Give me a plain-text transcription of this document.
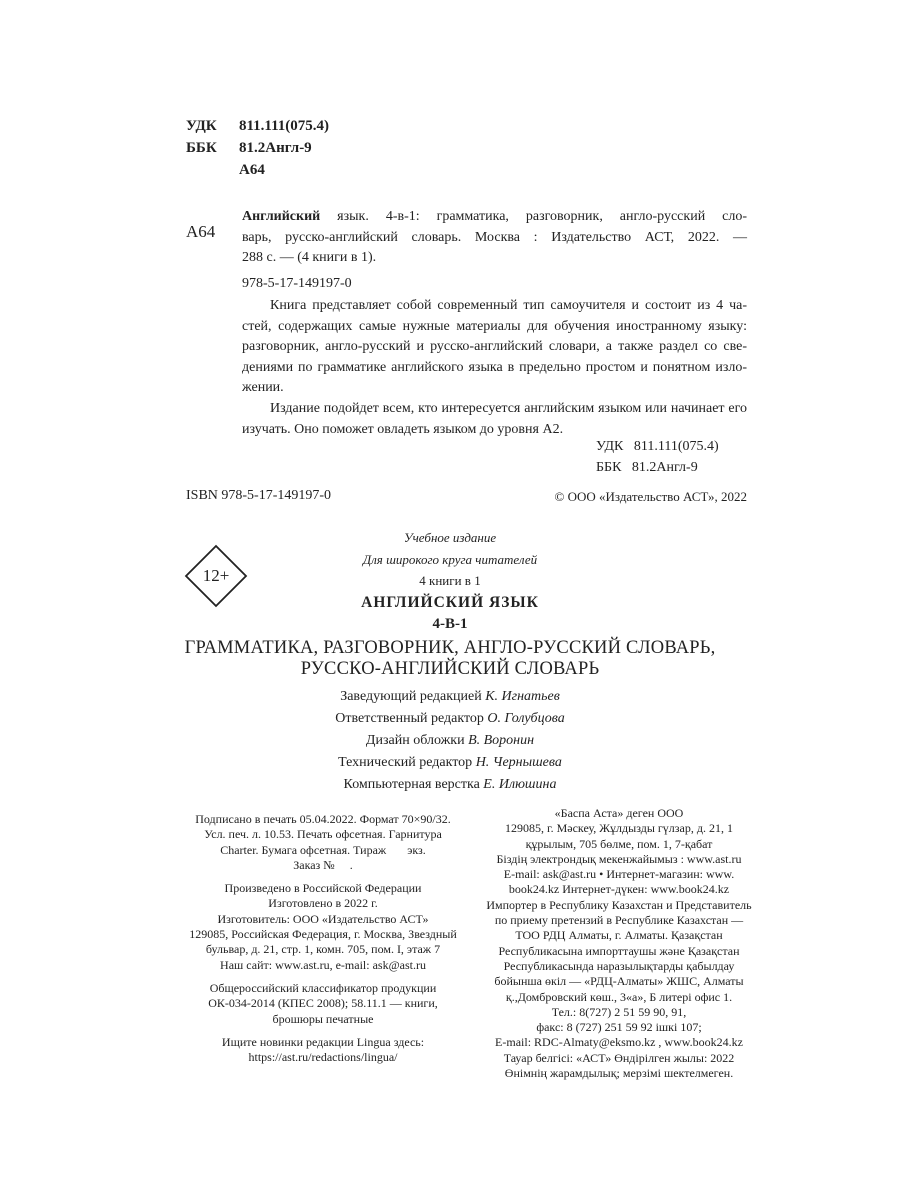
УДК 811.111(075.4)
ББК 81.2Англ-9
А64
А64
Английский язык. 4-в-1: грамматика, разговорник, англо-русский сло-
варь, русско-английский словарь. Москва : Издательство АСТ, 2022. —
288 с. — (4 книги в 1).
978-5-17-149197-0
Книга представляет собой современный тип самоучителя и состоит из 4 ча-
стей, содержащих самые нужные материалы для обучения иностранному языку:
разговорник, англо-русский и русско-английский словари, а также раздел со све-
дениями по грамматике английского языка в предельно простом и понятном изло-
жении.
Издание подойдет всем, кто интересуется английским языком или начинает его
изучать. Оно поможет овладеть языком до уровня А2.
УДК   811.111(075.4)
ББК   81.2Англ-9
ISBN 978-5-17-149197-0	© ООО «Издательство АСТ», 2022
Учебное издание
Для широкого круга читателей
4 книги в 1
12+
АНГЛИЙСКИЙ ЯЗЫК
4-В-1
ГРАММАТИКА, РАЗГОВОРНИК, АНГЛО-РУССКИЙ СЛОВАРЬ,
РУССКО-АНГЛИЙСКИЙ СЛОВАРЬ
Заведующий редакцией К. Игнатьев
Ответственный редактор О. Голубцова
Дизайн обложки В. Воронин
Технический редактор Н. Чернышева
Компьютерная верстка Е. Илюшина
Подписано в печать 05.04.2022. Формат 70×90/32.
Усл. печ. л. 10.53. Печать офсетная. Гарнитура
Charter. Бумага офсетная. Тираж       экз.
Заказ №     .
Произведено в Российской Федерации
Изготовлено в 2022 г.
Изготовитель: ООО «Издательство АСТ»
129085, Российская Федерация, г. Москва, Звездный
бульвар, д. 21, стр. 1, комн. 705, пом. I, этаж 7
Наш сайт: www.ast.ru, e-mail: ask@ast.ru
Общероссийский классификатор продукции
ОК-034-2014 (КПЕС 2008); 58.11.1 — книги,
брошюры печатные
Ищите новинки редакции Lingua здесь:
https://ast.ru/redactions/lingua/
«Баспа Аста» деген ООО
129085, г. Мәскеу, Жұлдызды гүлзар, д. 21, 1
құрылым, 705 бөлме, пом. 1, 7-қабат
Біздің электрондық мекенжайымыз : www.ast.ru
E-mail: ask@ast.ru • Интернет-магазин: www.
book24.kz Интернет-дүкен: www.book24.kz
Импортер в Республику Казахстан и Представитель
по приему претензий в Республике Казахстан —
ТОО РДЦ Алматы, г. Алматы. Қазақстан
Республикасына импорттаушы және Қазақстан
Республикасында наразылықтарды қабылдау
бойынша өкіл — «РДЦ-Алматы» ЖШС, Алматы
қ.,Домбровский көш., 3«а», Б литері офис 1.
Тел.: 8(727) 2 51 59 90, 91,
факс: 8 (727) 251 59 92 ішкі 107;
E-mail: RDC-Almaty@eksmo.kz , www.book24.kz
Тауар белгісі: «АСТ» Өндірілген жылы: 2022
Өнімнің жарамдылық; мерзімі шектелмеген.
